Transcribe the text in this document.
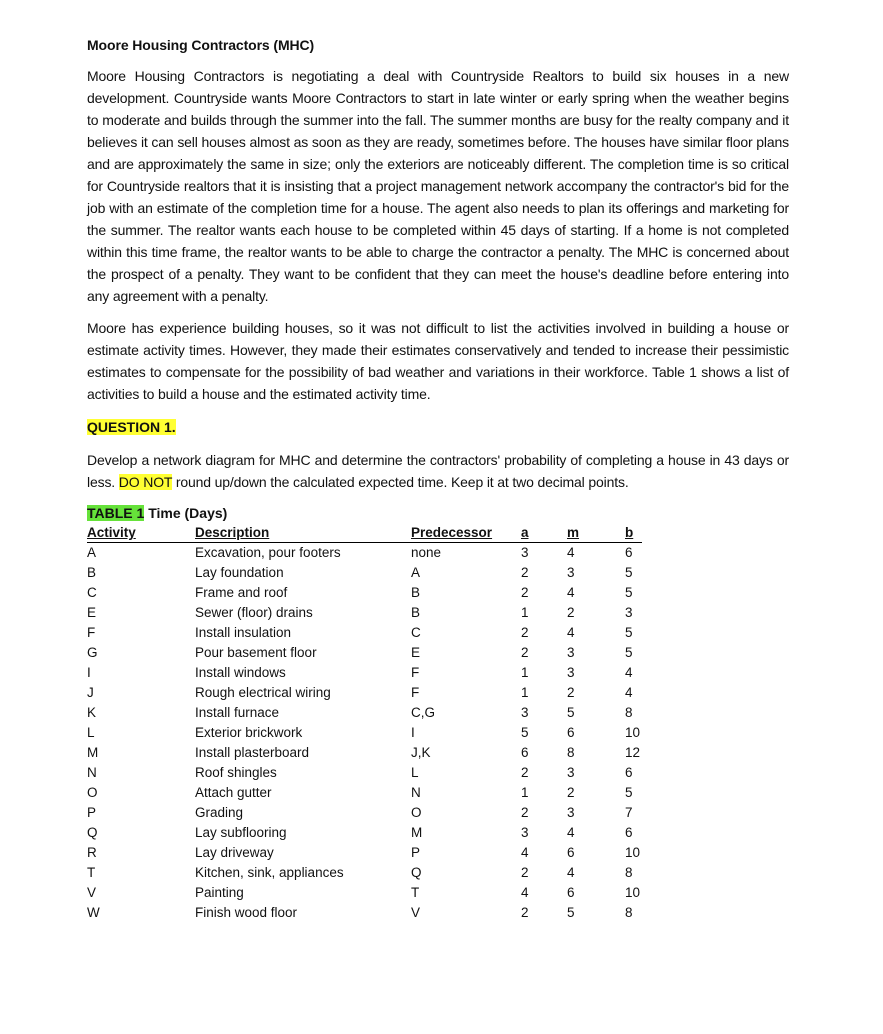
Moore Housing Contractors (MHC)

Moore Housing Contractors is negotiating a deal with Countryside Realtors to build six houses in a new development. Countryside wants Moore Contractors to start in late winter or early spring when the weather begins to moderate and builds through the summer into the fall. The summer months are busy for the realty company and it believes it can sell houses almost as soon as they are ready, sometimes before. The houses have similar floor plans and are approximately the same in size; only the exteriors are noticeably different. The completion time is so critical for Countryside realtors that it is insisting that a project management network accompany the contractor's bid for the job with an estimate of the completion time for a house. The agent also needs to plan its offerings and marketing for the summer. The realtor wants each house to be completed within 45 days of starting. If a home is not completed within this time frame, the realtor wants to be able to charge the contractor a penalty. The MHC is concerned about the prospect of a penalty. They want to be confident that they can meet the house's deadline before entering into any agreement with a penalty.

Moore has experience building houses, so it was not difficult to list the activities involved in building a house or estimate activity times. However, they made their estimates conservatively and tended to increase their pessimistic estimates to compensate for the possibility of bad weather and variations in their workforce. Table 1 shows a list of activities to build a house and the estimated activity time.

QUESTION 1.

Develop a network diagram for MHC and determine the contractors' probability of completing a house in 43 days or less. DO NOT round up/down the calculated expected time. Keep it at two decimal points.

TABLE 1 Time (Days)

Activity	Description	Predecessor	a	m	b
A	Excavation, pour footers	none	3	4	6
B	Lay foundation	A	2	3	5
C	Frame and roof	B	2	4	5
E	Sewer (floor) drains	B	1	2	3
F	Install insulation	C	2	4	5
G	Pour basement floor	E	2	3	5
I	Install windows	F	1	3	4
J	Rough electrical wiring	F	1	2	4
K	Install furnace	C,G	3	5	8
L	Exterior brickwork	I	5	6	10
M	Install plasterboard	J,K	6	8	12
N	Roof shingles	L	2	3	6
O	Attach gutter	N	1	2	5
P	Grading	O	2	3	7
Q	Lay subflooring	M	3	4	6
R	Lay driveway	P	4	6	10
T	Kitchen, sink, appliances	Q	2	4	8
V	Painting	T	4	6	10
W	Finish wood floor	V	2	5	8
